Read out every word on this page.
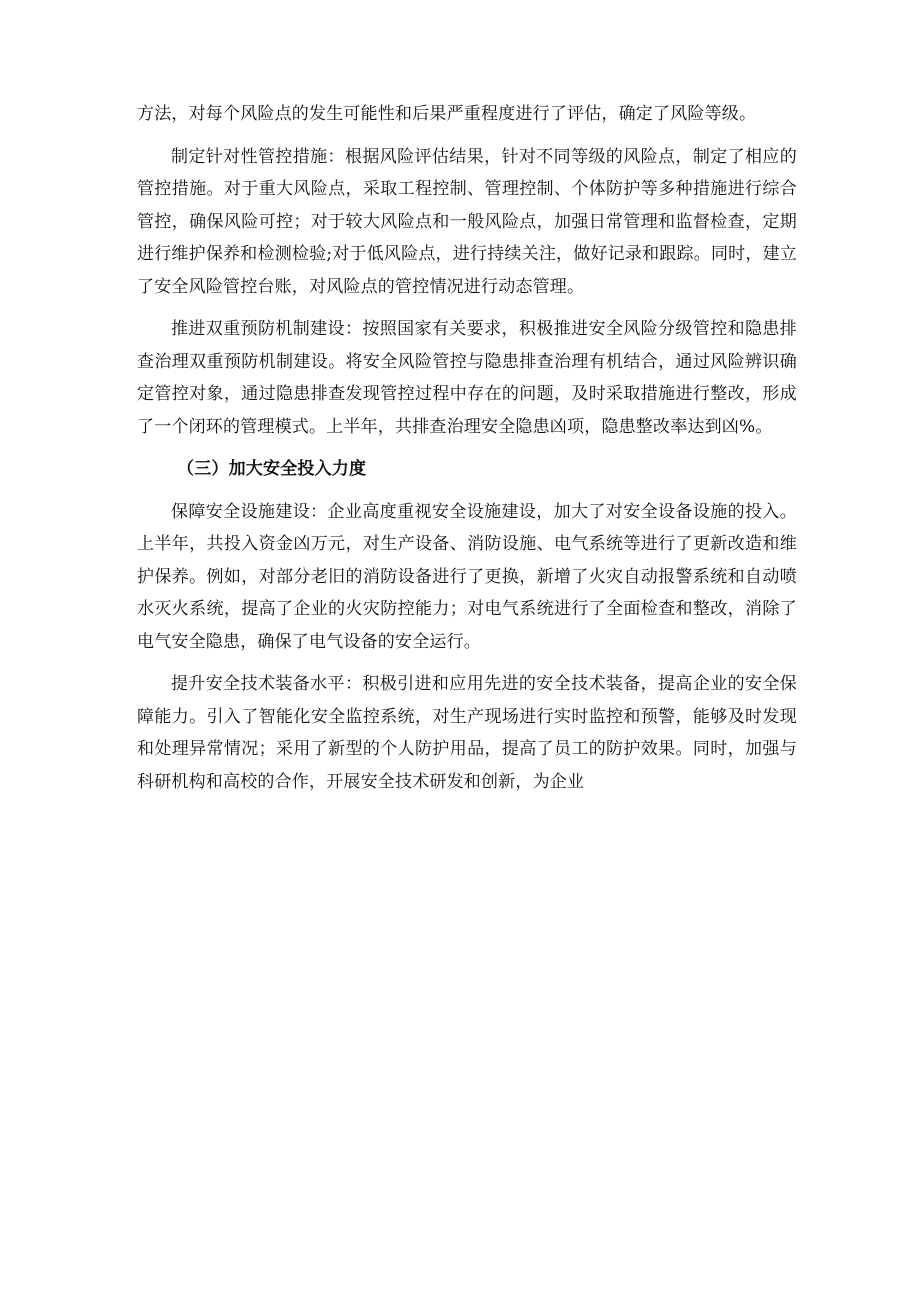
方法，对每个风险点的发生可能性和后果严重程度进行了评估，确定了风险等级。

制定针对性管控措施：根据风险评估结果，针对不同等级的风险点，制定了相应的管控措施。对于重大风险点，采取工程控制、管理控制、个体防护等多种措施进行综合管控，确保风险可控；对于较大风险点和一般风险点，加强日常管理和监督检查，定期进行维护保养和检测检验;对于低风险点，进行持续关注，做好记录和跟踪。同时，建立了安全风险管控台账，对风险点的管控情况进行动态管理。

推进双重预防机制建设：按照国家有关要求，积极推进安全风险分级管控和隐患排查治理双重预防机制建设。将安全风险管控与隐患排查治理有机结合，通过风险辨识确定管控对象，通过隐患排查发现管控过程中存在的问题，及时采取措施进行整改，形成了一个闭环的管理模式。上半年，共排查治理安全隐患凶项，隐患整改率达到凶%。

（三）加大安全投入力度

保障安全设施建设：企业高度重视安全设施建设，加大了对安全设备设施的投入。上半年，共投入资金凶万元，对生产设备、消防设施、电气系统等进行了更新改造和维护保养。例如，对部分老旧的消防设备进行了更换，新增了火灾自动报警系统和自动喷水灭火系统，提高了企业的火灾防控能力；对电气系统进行了全面检查和整改，消除了电气安全隐患，确保了电气设备的安全运行。

提升安全技术装备水平：积极引进和应用先进的安全技术装备，提高企业的安全保障能力。引入了智能化安全监控系统，对生产现场进行实时监控和预警，能够及时发现和处理异常情况；采用了新型的个人防护用品，提高了员工的防护效果。同时，加强与科研机构和高校的合作，开展安全技术研发和创新，为企业
